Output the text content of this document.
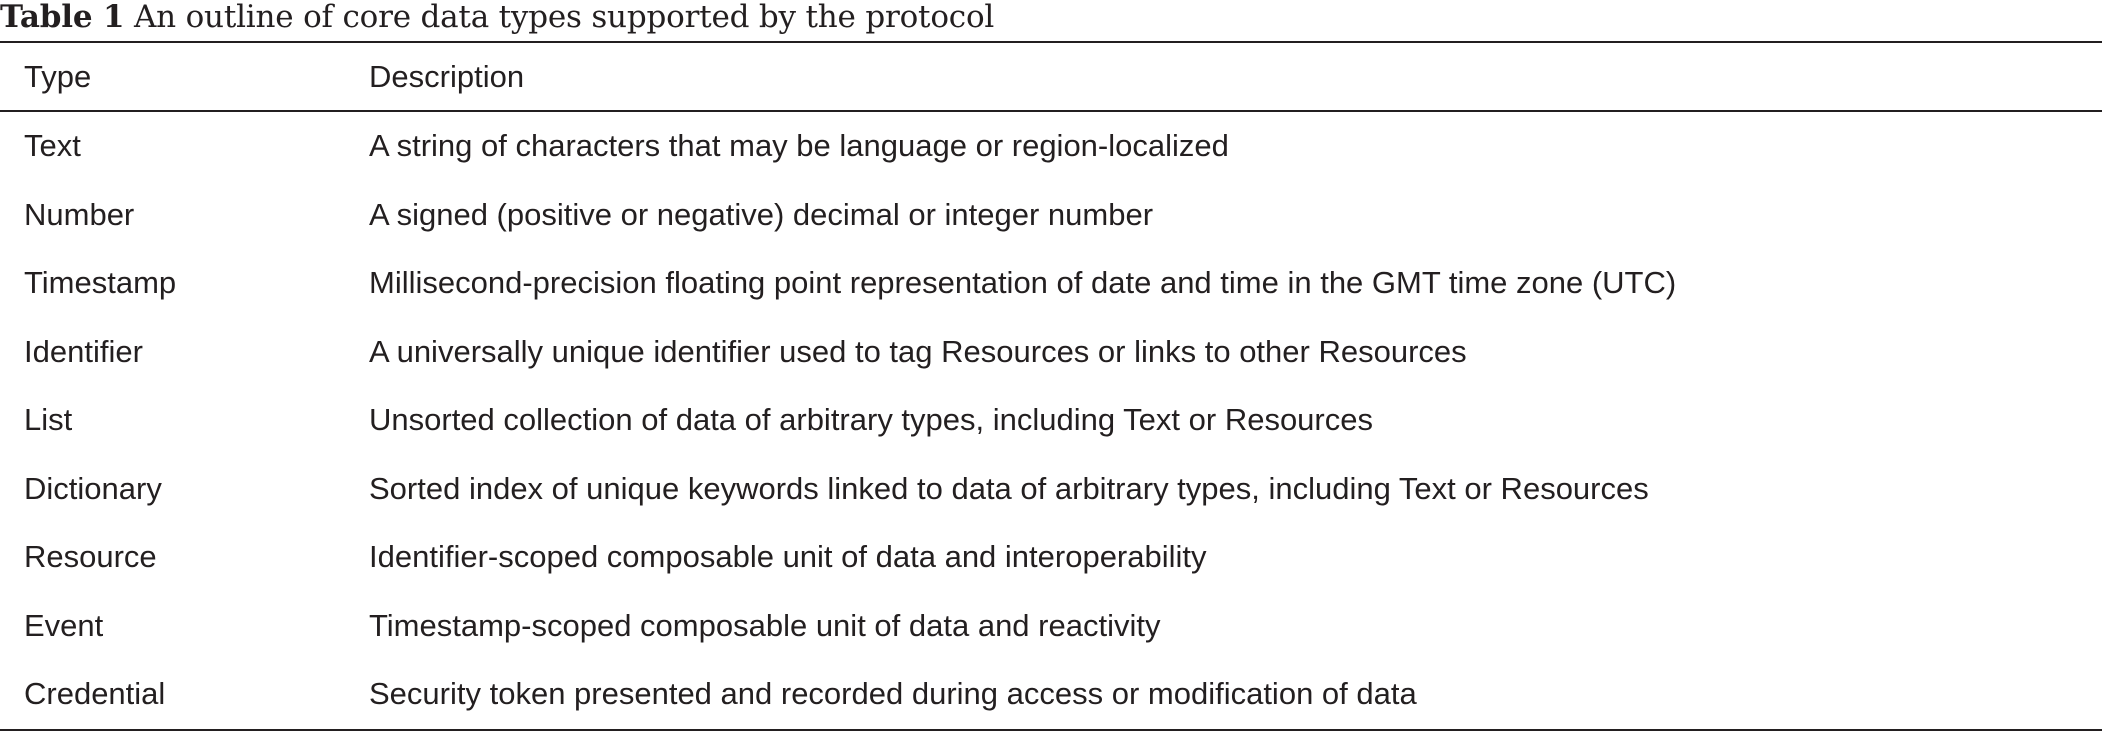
Table 1 An outline of core data types supported by the protocol
Type	Description
Text	A string of characters that may be language or region-localized
Number	A signed (positive or negative) decimal or integer number
Timestamp	Millisecond-precision floating point representation of date and time in the GMT time zone (UTC)
Identifier	A universally unique identifier used to tag Resources or links to other Resources
List	Unsorted collection of data of arbitrary types, including Text or Resources
Dictionary	Sorted index of unique keywords linked to data of arbitrary types, including Text or Resources
Resource	Identifier-scoped composable unit of data and interoperability
Event	Timestamp-scoped composable unit of data and reactivity
Credential	Security token presented and recorded during access or modification of data
